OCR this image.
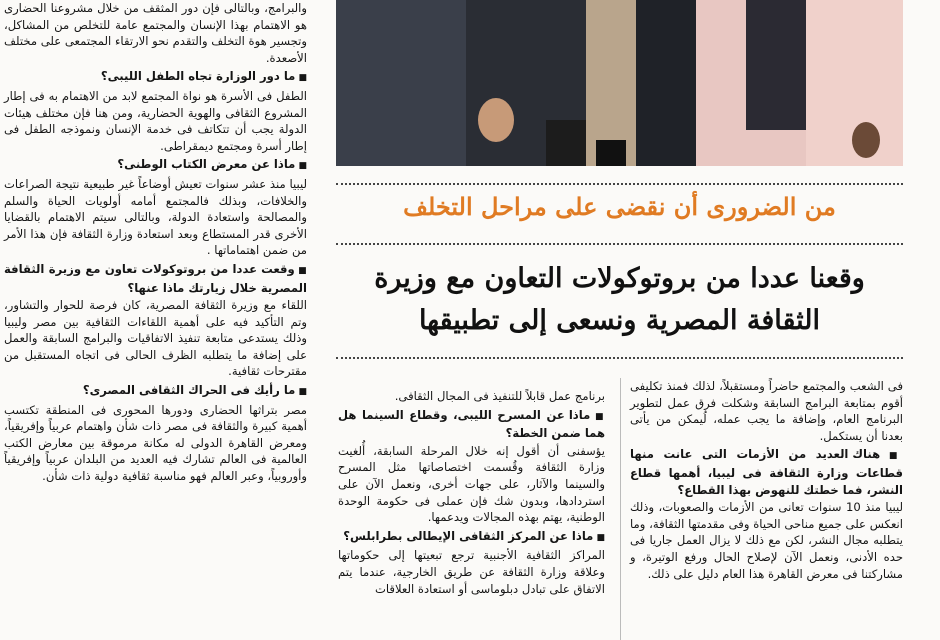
والبرامج، وبالتالى فإن دور المثقف من خلال مشروعنا الحضارى هو الاهتمام بهذا الإنسان والمجتمع عامة للتخلص من المشاكل، وتجسير هوة التخلف والتقدم نحو الارتقاء المجتمعى على مختلف الأصعدة.

■ ما دور الوزارة تجاه الطفل الليبى؟

الطفل فى الأسرة هو نواة المجتمع لابد من الاهتمام به فى إطار المشروع الثقافى والهوية الحضارية، ومن هنا فإن مختلف هيئات الدولة يجب أن تتكاتف فى خدمة الإنسان ونموذجه الطفل فى إطار أسرة ومجتمع ديمقراطى.

■ ماذا عن معرض الكتاب الوطنى؟

ليبيا منذ عشر سنوات تعيش أوضاعاً غير طبيعية نتيجة الصراعات والخلافات، وبذلك فالمجتمع أمامه أولويات الحياة والسلم والمصالحة واستعادة الدولة، وبالتالى سيتم الاهتمام بالقضايا الأخرى قدر المستطاع وبعد استعادة وزارة الثقافة فإن هذا الأمر من ضمن اهتماماتها .

■ وقعت عددا من بروتوكولات تعاون مع وزيرة الثقافة المصرية خلال زيارتك ماذا عنها؟

اللقاء مع وزيرة الثقافة المصرية، كان فرصة للحوار والتشاور، وتم التأكيد فيه على أهمية اللقاءات الثقافية بين مصر وليبيا وذلك يستدعى متابعة تنفيذ الاتفاقيات والبرامج السابقة والعمل على إضافة ما يتطلبه الظرف الحالى فى اتجاه المستقبل من مقترحات ثقافية.

■ ما رأيك فى الحراك الثقافى المصرى؟

مصر بتراثها الحضارى ودورها المحورى فى المنطقة تكتسب أهمية كبيرة والثقافة فى مصر ذات شأن واهتمام عربياً وإفريقياً، ومعرض القاهرة الدولى له مكانة مرموقة بين معارض الكتب العالمية فى العالم تشارك فيه العديد من البلدان عربياً وإفريقياً وأوروبياً، وعبر العالم فهو مناسبة ثقافية دولية ذات شأن.

من الضرورى أن نقضى على مراحل التخلف
وقعنا عددا من بروتوكولات التعاون مع وزيرة
الثقافة المصرية ونسعى إلى تطبيقها

برنامج عمل قابلاً للتنفيذ فى المجال الثقافى.

■ ماذا عن المسرح الليبى، وقطاع السينما هل هما ضمن الخطة؟

يؤسفنى أن أقول إنه خلال المرحلة السابقة، أُلغيت وزارة الثقافة وقُسمت اختصاصاتها مثل المسرح والسينما والآثار، على جهات أخرى، ونعمل الآن على استردادها، وبدون شك فإن عملى فى حكومة الوحدة الوطنية، يهتم بهذه المجالات ويدعمها.

■ ماذا عن المركز الثقافى الإيطالى بطرابلس؟

المراكز الثقافية الأجنبية ترجع تبعيتها إلى حكوماتها وعلاقة وزارة الثقافة عن طريق الخارجية، عندما يتم الاتفاق على تبادل دبلوماسى أو استعادة العلاقات

فى الشعب والمجتمع حاضراً ومستقبلاً، لذلك فمنذ تكليفى أقوم بمتابعة البرامج السابقة وشكلت فرق عمل لتطوير البرنامج العام، وإضافة ما يجب عمله، لُيمكن من يأتى بعدنا أن يستكمل.

■ هناك العديد من الأزمات التى عانت منها قطاعات وزارة الثقافة فى ليبيا، أهمها قطاع النشر، فما خطتك للنهوض بهذا القطاع؟

ليبيا منذ 10 سنوات تعانى من الأزمات والصعوبات، وذلك انعكس على جميع مناحى الحياة وفى مقدمتها الثقافة، وما يتطلبه مجال النشر، لكن مع ذلك لا يزال العمل جاريا فى حده الأدنى، ونعمل الآن لإصلاح الحال ورفع الوتيرة، و مشاركتنا فى معرض القاهرة هذا العام دليل على ذلك.
